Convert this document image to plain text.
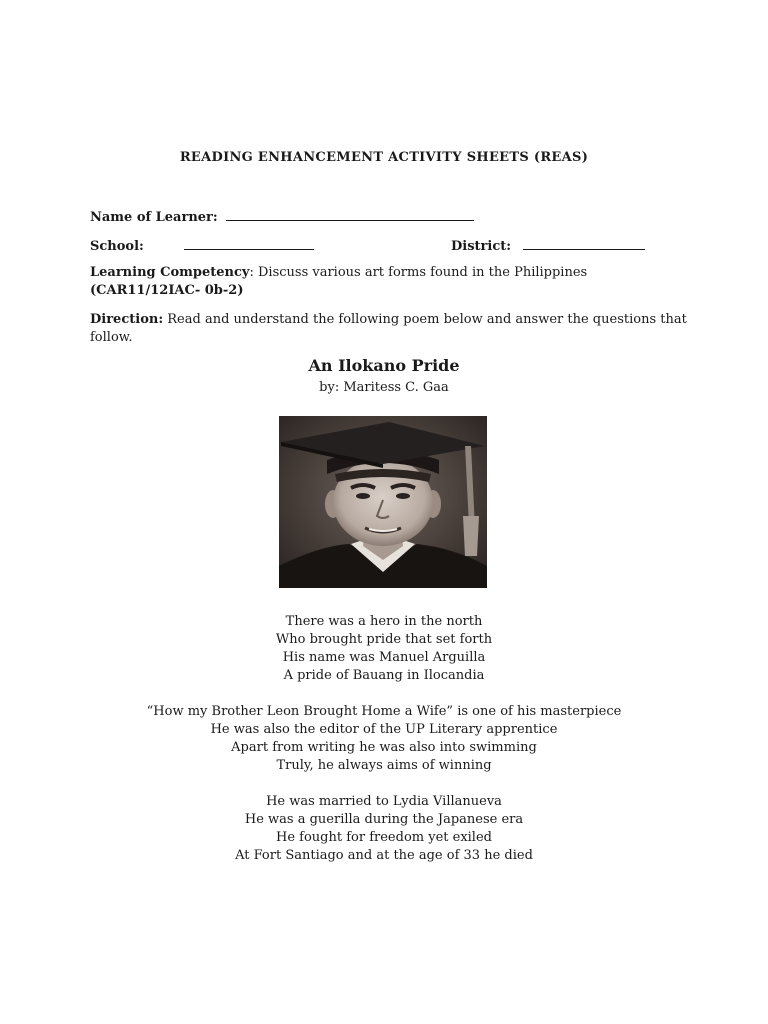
READING ENHANCEMENT ACTIVITY SHEETS (REAS)
Name of Learner:
School:	District:
Learning Competency: Discuss various art forms found in the Philippines
(CAR11/12IAC- 0b-2)
Direction: Read and understand the following poem below and answer the questions that follow.
An Ilokano Pride
by: Maritess C. Gaa
There was a hero in the north
Who brought pride that set forth
His name was Manuel Arguilla
A pride of Bauang in Ilocandia
“How my Brother Leon Brought Home a Wife” is one of his masterpiece
He was also the editor of the UP Literary apprentice
Apart from writing he was also into swimming
Truly, he always aims of winning
He was married to Lydia Villanueva
He was a guerilla during the Japanese era
He fought for freedom yet exiled
At Fort Santiago and at the age of 33 he died
